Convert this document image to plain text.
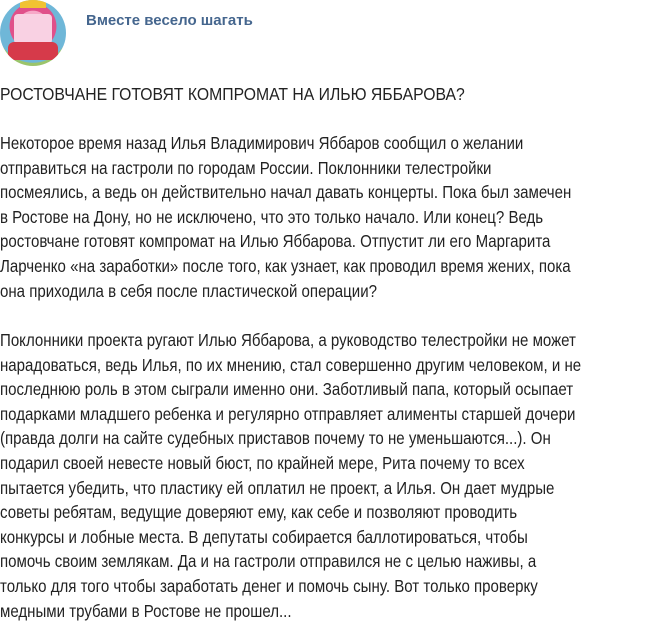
Вместе весело шагать
РОСТОВЧАНЕ ГОТОВЯТ КОМПРОМАТ НА ИЛЬЮ ЯББАРОВА?
Некоторое время назад Илья Владимирович Яббаров сообщил о желании
отправиться на гастроли по городам России. Поклонники телестройки
посмеялись, а ведь он действительно начал давать концерты. Пока был замечен
в Ростове на Дону, но не исключено, что это только начало. Или конец? Ведь
ростовчане готовят компромат на Илью Яббарова. Отпустит ли его Маргарита
Ларченко «на заработки» после того, как узнает, как проводил время жених, пока
она приходила в себя после пластической операции?
Поклонники проекта ругают Илью Яббарова, а руководство телестройки не может
нарадоваться, ведь Илья, по их мнению, стал совершенно другим человеком, и не
последнюю роль в этом сыграли именно они. Заботливый папа, который осыпает
подарками младшего ребенка и регулярно отправляет алименты старшей дочери
(правда долги на сайте судебных приставов почему то не уменьшаются...). Он
подарил своей невесте новый бюст, по крайней мере, Рита почему то всех
пытается убедить, что пластику ей оплатил не проект, а Илья. Он дает мудрые
советы ребятам, ведущие доверяют ему, как себе и позволяют проводить
конкурсы и лобные места. В депутаты собирается баллотироваться, чтобы
помочь своим землякам. Да и на гастроли отправился не с целью наживы, а
только для того чтобы заработать денег и помочь сыну. Вот только проверку
медными трубами в Ростове не прошел...
